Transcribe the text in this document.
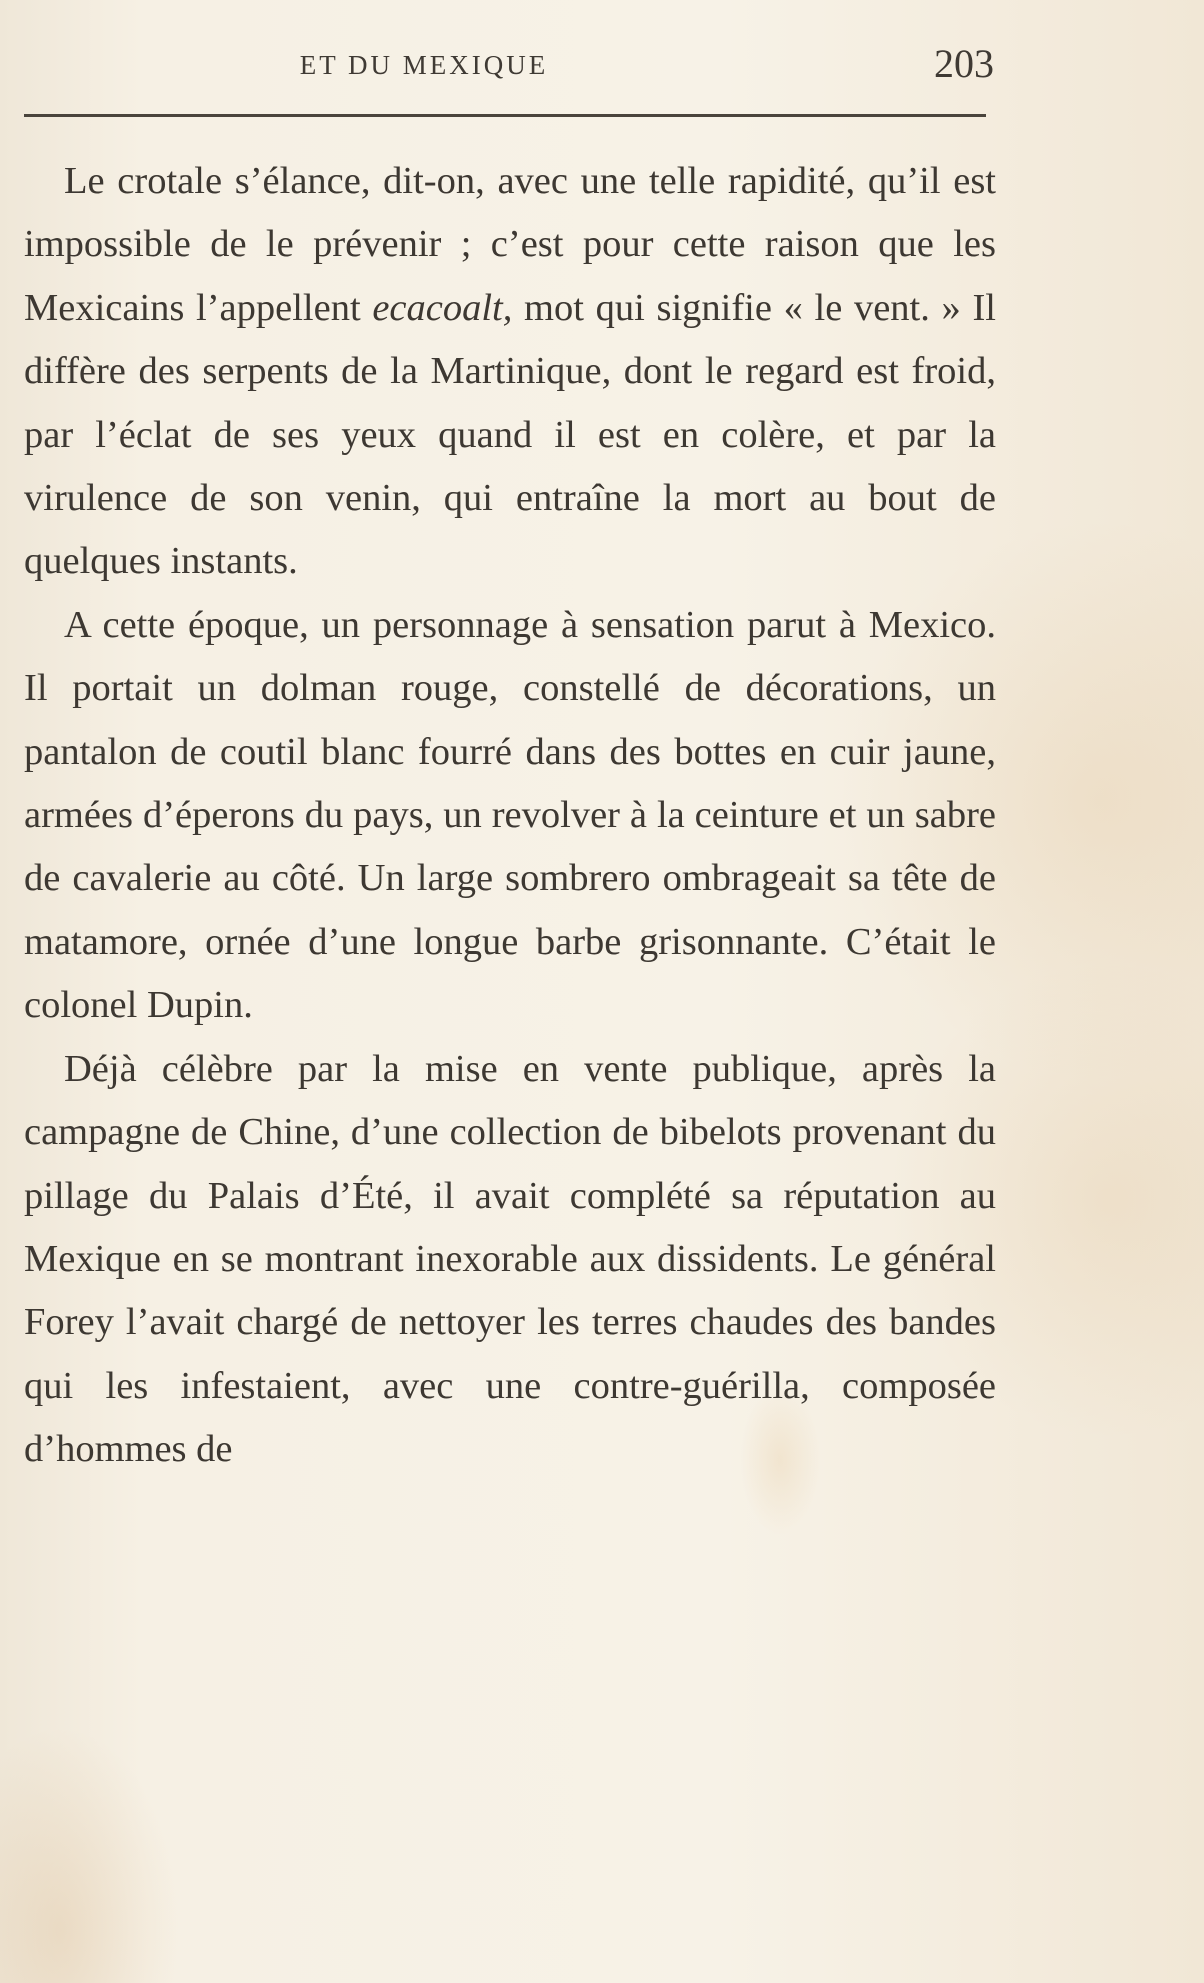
ET DU MEXIQUE	203

Le crotale s’élance, dit-on, avec une telle rapidité, qu’il est impossible de le prévenir ; c’est pour cette raison que les Mexicains l’appellent ecacoalt, mot qui signifie « le vent. » Il diffère des serpents de la Martinique, dont le regard est froid, par l’éclat de ses yeux quand il est en colère, et par la virulence de son venin, qui entraîne la mort au bout de quelques instants.

A cette époque, un personnage à sensation parut à Mexico. Il portait un dolman rouge, constellé de décorations, un pantalon de coutil blanc fourré dans des bottes en cuir jaune, armées d’éperons du pays, un revolver à la ceinture et un sabre de cavalerie au côté. Un large sombrero ombrageait sa tête de matamore, ornée d’une longue barbe grisonnante. C’était le colonel Dupin.

Déjà célèbre par la mise en vente publique, après la campagne de Chine, d’une collection de bibelots provenant du pillage du Palais d’Été, il avait complété sa réputation au Mexique en se montrant inexorable aux dissidents. Le général Forey l’avait chargé de nettoyer les terres chaudes des bandes qui les infestaient, avec une contre-guérilla, composée d’hommes de
